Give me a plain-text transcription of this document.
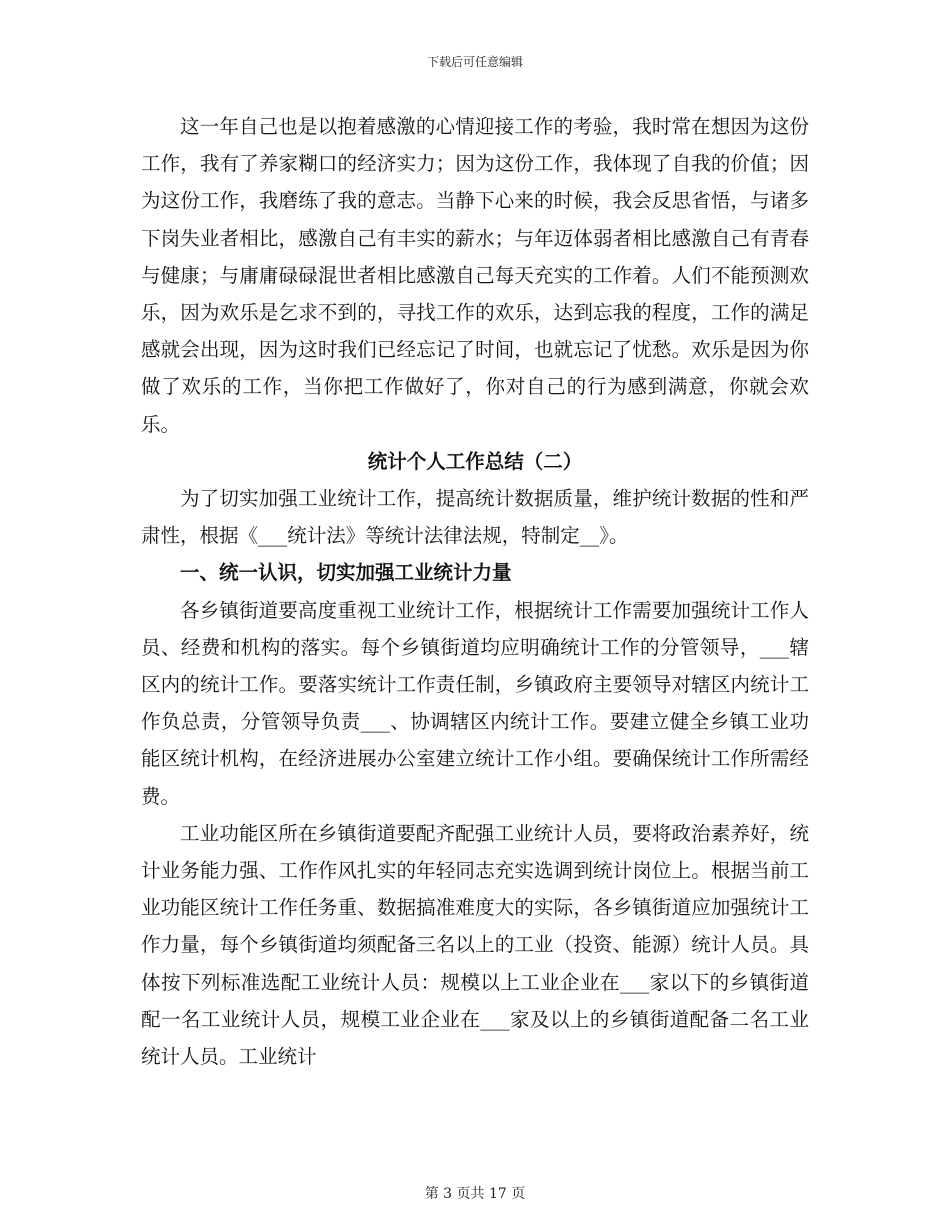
下载后可任意编辑

这一年自己也是以抱着感激的心情迎接工作的考验，我时常在想因为这份工作，我有了养家糊口的经济实力；因为这份工作，我体现了自我的价值；因为这份工作，我磨练了我的意志。当静下心来的时候，我会反思省悟，与诸多下岗失业者相比，感激自己有丰实的薪水；与年迈体弱者相比感激自己有青春与健康；与庸庸碌碌混世者相比感激自己每天充实的工作着。人们不能预测欢乐，因为欢乐是乞求不到的，寻找工作的欢乐，达到忘我的程度，工作的满足感就会出现，因为这时我们已经忘记了时间，也就忘记了忧愁。欢乐是因为你做了欢乐的工作，当你把工作做好了，你对自己的行为感到满意，你就会欢乐。

统计个人工作总结（二）

为了切实加强工业统计工作，提高统计数据质量，维护统计数据的性和严肃性，根据《___统计法》等统计法律法规，特制定__》。

一、统一认识，切实加强工业统计力量

各乡镇街道要高度重视工业统计工作，根据统计工作需要加强统计工作人员、经费和机构的落实。每个乡镇街道均应明确统计工作的分管领导，___辖区内的统计工作。要落实统计工作责任制，乡镇政府主要领导对辖区内统计工作负总责，分管领导负责___、协调辖区内统计工作。要建立健全乡镇工业功能区统计机构，在经济进展办公室建立统计工作小组。要确保统计工作所需经费。

工业功能区所在乡镇街道要配齐配强工业统计人员，要将政治素养好，统计业务能力强、工作作风扎实的年轻同志充实选调到统计岗位上。根据当前工业功能区统计工作任务重、数据搞准难度大的实际，各乡镇街道应加强统计工作力量，每个乡镇街道均须配备三名以上的工业（投资、能源）统计人员。具体按下列标准选配工业统计人员：规模以上工业企业在___家以下的乡镇街道配一名工业统计人员，规模工业企业在___家及以上的乡镇街道配备二名工业统计人员。工业统计

第 3 页共 17 页
